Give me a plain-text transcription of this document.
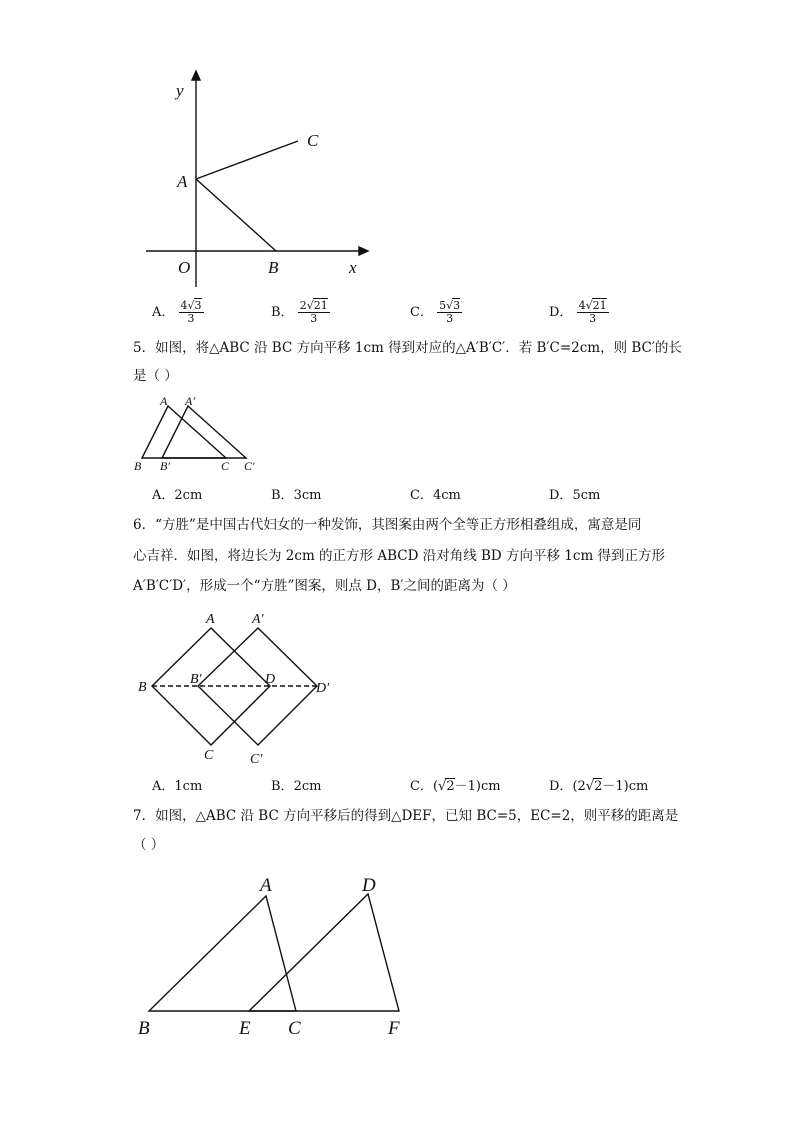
y
A
C
O	B	x
A． $\frac{4√3}{3}$	B． $\frac{2√21}{3}$	C． $\frac{5√3}{3}$	D． $\frac{4√21}{3}$
5．如图，将△ABC 沿 BC 方向平移 1cm 得到对应的△A′B′C′．若 B′C=2cm，则 BC′的长
是（ ）
A A′
B B′	C C′
A．2cm	B．3cm	C．4cm	D．5cm
6．“方胜”是中国古代妇女的一种发饰，其图案由两个全等正方形相叠组成，寓意是同
心吉祥．如图，将边长为 2cm 的正方形 ABCD 沿对角线 BD 方向平移 1cm 得到正方形
A′B′C′D′，形成一个“方胜”图案，则点 D，B′之间的距离为（ ）
A	A′
B
B′	D
D′
C	C′
A．1cm	B．2cm	C．(√2－1)cm	D．(2√2－1)cm
7．如图，△ABC 沿 BC 方向平移后的得到△DEF，已知 BC=5，EC=2，则平移的距离是
（ ）
A	D
B	E C	F
